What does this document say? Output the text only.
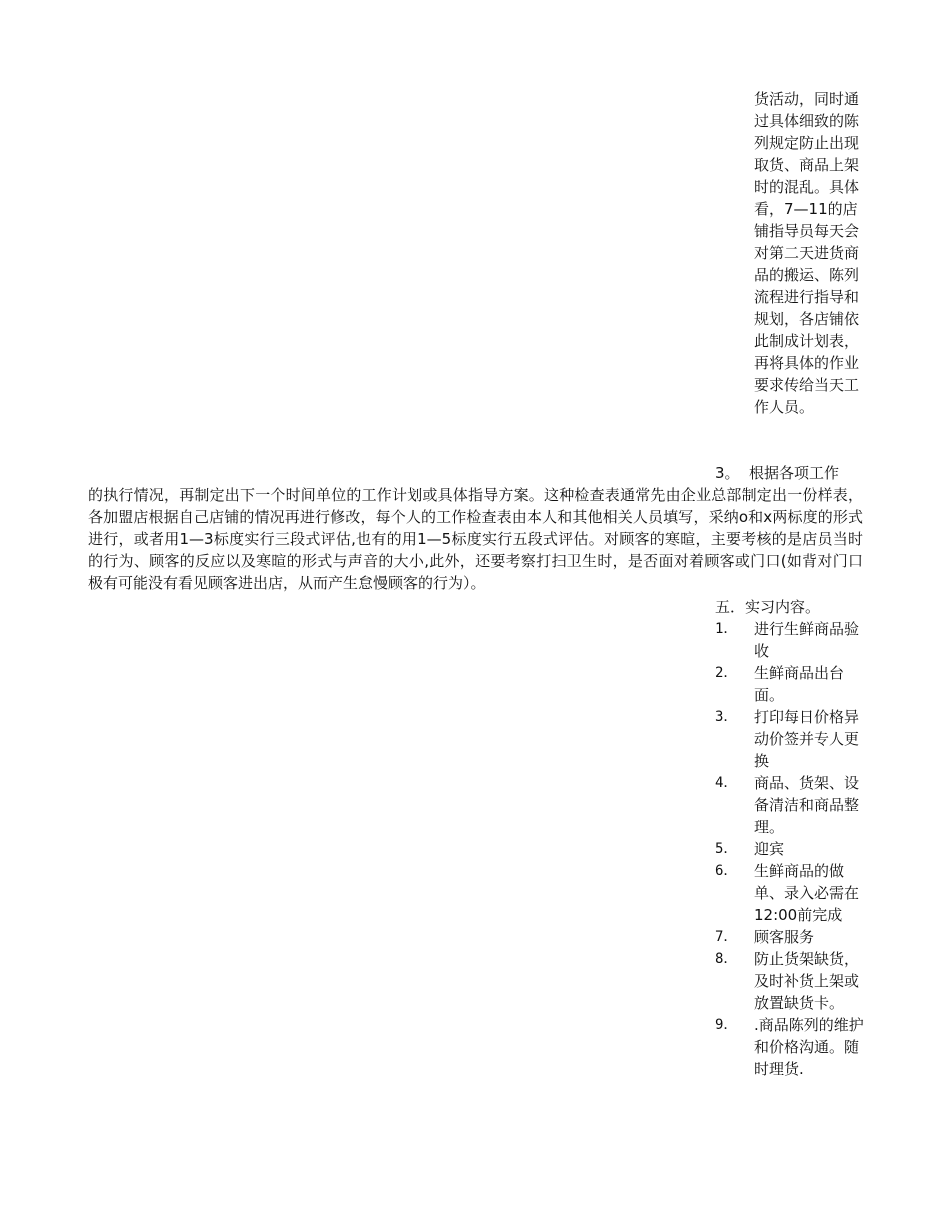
货活动，同时通过具体细致的陈列规定防止出现取货、商品上架时的混乱。具体看，7—11的店铺指导员每天会对第二天进货商品的搬运、陈列流程进行指导和规划，各店铺依此制成计划表，再将具体的作业要求传给当天工作人员。

3。 根据各项工作

的执行情况，再制定出下一个时间单位的工作计划或具体指导方案。这种检查表通常先由企业总部制定出一份样表，各加盟店根据自己店铺的情况再进行修改，每个人的工作检查表由本人和其他相关人员填写，采纳o和x两标度的形式进行，或者用1—3标度实行三段式评估,也有的用1—5标度实行五段式评估。对顾客的寒暄，主要考核的是店员当时的行为、顾客的反应以及寒暄的形式与声音的大小,此外，还要考察打扫卫生时，是否面对着顾客或门口(如背对门口极有可能没有看见顾客进出店，从而产生怠慢顾客的行为）。

五．实习内容。

1．	进行生鲜商品验收
2．	生鲜商品出台面。
3．	打印每日价格异动价签并专人更换
4．	商品、货架、设备清洁和商品整理。
5．	迎宾
6．	生鲜商品的做单、录入必需在12:00前完成
7．	顾客服务
8．	防止货架缺货，及时补货上架或放置缺货卡。
9．	.商品陈列的维护和价格沟通。随时理货.
